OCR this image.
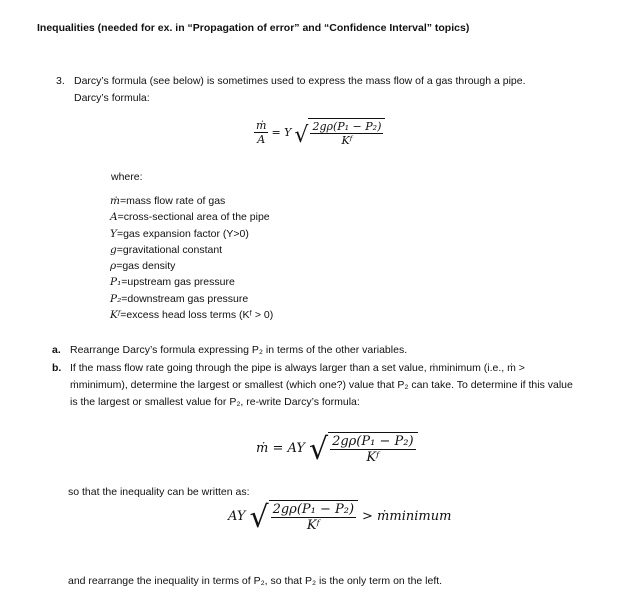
Inequalities (needed for ex. in “Propagation of error” and “Confidence Interval” topics)
3. Darcy’s formula (see below) is sometimes used to express the mass flow of a gas through a pipe.
Darcy’s formula:
$\frac{\text{ṁ}}{A} = Y$ √ $\frac{\text{2gρ(P₁ − P₂)}}{\text{Kᶠ}}$
where:
ṁ=mass flow rate of gas
A=cross-sectional area of the pipe
Y=gas expansion factor (Y>0)
g=gravitational constant
ρ=gas density
P₁=upstream gas pressure
P₂=downstream gas pressure
Kᶠ=excess head loss terms (Kᶠ > 0)
a. Rearrange Darcy’s formula expressing P₂ in terms of the other variables.
b. If the mass flow rate going through the pipe is always larger than a set value, ṁminimum (i.e., ṁ >
ṁminimum), determine the largest or smallest (which one?) value that P₂ can take. To determine if this value
is the largest or smallest value for P₂, re-write Darcy’s formula:
ṁ = AY √ $\frac{\text{2gρ(P₁ − P₂)}}{\text{Kᶠ}}$
so that the inequality can be written as:
AY √ $\frac{\text{2gρ(P₁ − P₂)}}{\text{Kᶠ}}$ > ṁminimum
and rearrange the inequality in terms of P₂, so that P₂ is the only term on the left.
